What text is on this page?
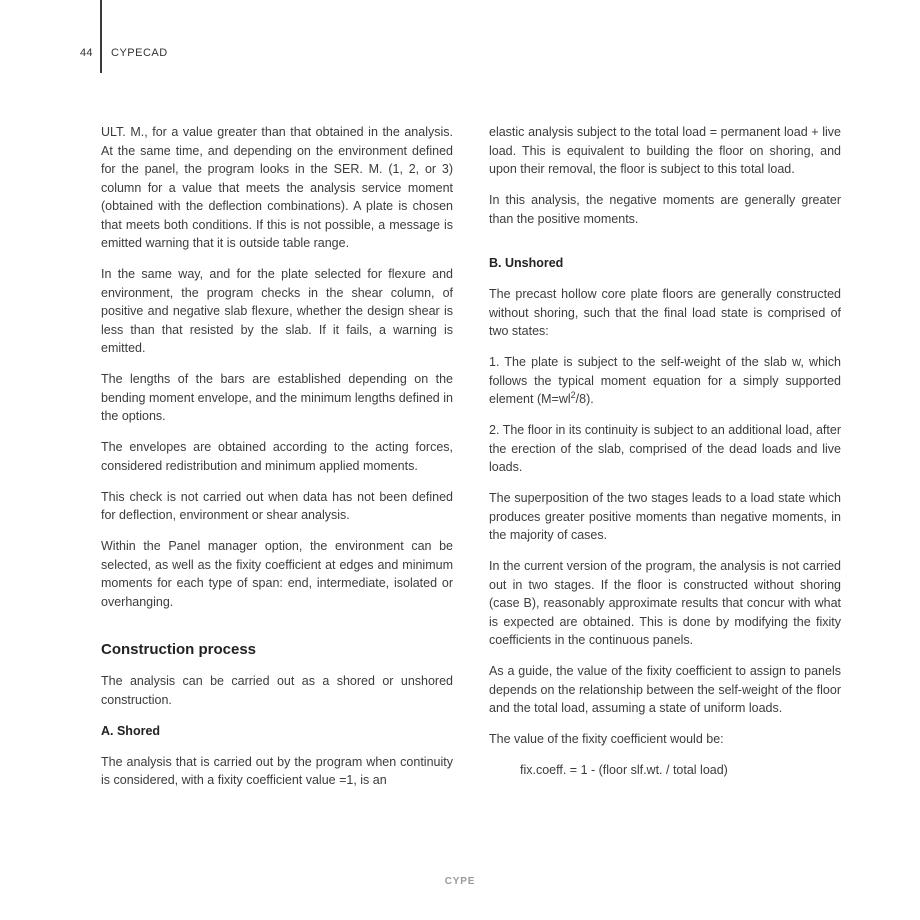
44 CYPECAD

ULT. M., for a value greater than that obtained in the analysis. At the same time, and depending on the environment defined for the panel, the program looks in the SER. M. (1, 2, or 3) column for a value that meets the analysis service moment (obtained with the deflection combinations). A plate is chosen that meets both conditions. If this is not possible, a message is emitted warning that it is outside table range.

In the same way, and for the plate selected for flexure and environment, the program checks in the shear column, of positive and negative slab flexure, whether the design shear is less than that resisted by the slab. If it fails, a warning is emitted.

The lengths of the bars are established depending on the bending moment envelope, and the minimum lengths defined in the options.

The envelopes are obtained according to the acting forces, considered redistribution and minimum applied moments.

This check is not carried out when data has not been defined for deflection, environment or shear analysis.

Within the Panel manager option, the environment can be selected, as well as the fixity coefficient at edges and minimum moments for each type of span: end, intermediate, isolated or overhanging.

Construction process

The analysis can be carried out as a shored or unshored construction.

A. Shored

The analysis that is carried out by the program when continuity is considered, with a fixity coefficient value =1, is an

elastic analysis subject to the total load = permanent load + live load. This is equivalent to building the floor on shoring, and upon their removal, the floor is subject to this total load.

In this analysis, the negative moments are generally greater than the positive moments.

B. Unshored

The precast hollow core plate floors are generally constructed without shoring, such that the final load state is comprised of two states:

1. The plate is subject to the self-weight of the slab w, which follows the typical moment equation for a simply supported element $(M=wl^2/8)$.

2. The floor in its continuity is subject to an additional load, after the erection of the slab, comprised of the dead loads and live loads.

The superposition of the two stages leads to a load state which produces greater positive moments than negative moments, in the majority of cases.

In the current version of the program, the analysis is not carried out in two stages. If the floor is constructed without shoring (case B), reasonably approximate results that concur with what is expected are obtained. This is done by modifying the fixity coefficients in the continuous panels.

As a guide, the value of the fixity coefficient to assign to panels depends on the relationship between the self-weight of the floor and the total load, assuming a state of uniform loads.

The value of the fixity coefficient would be:

fix.coeff. = 1 - (floor slf.wt. / total load)

CYPE
